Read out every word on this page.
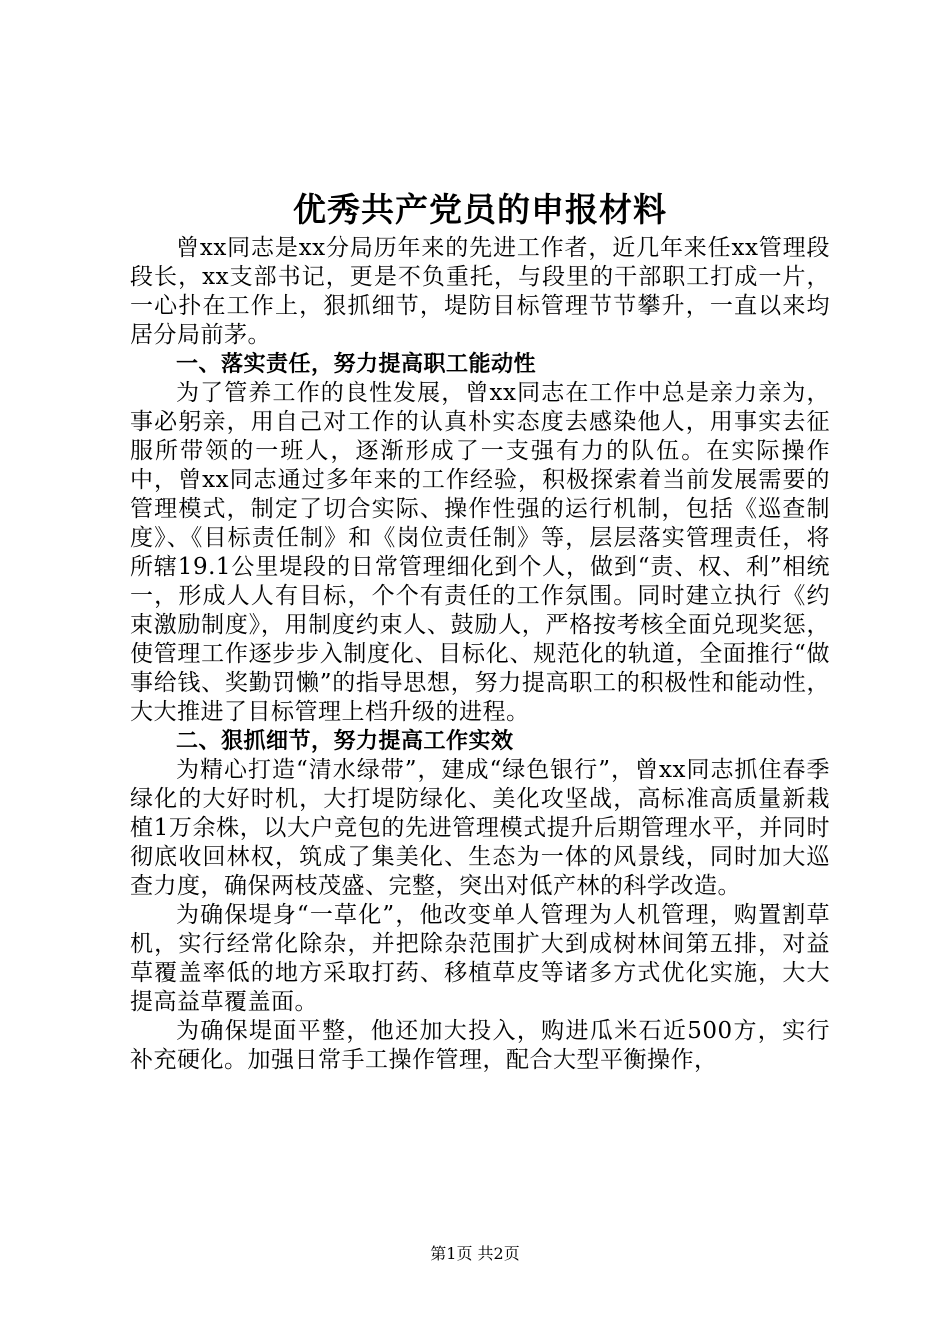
优秀共产党员的申报材料

曾xx同志是xx分局历年来的先进工作者，近几年来任xx管理段段长，xx支部书记，更是不负重托，与段里的干部职工打成一片，一心扑在工作上，狠抓细节，堤防目标管理节节攀升，一直以来均居分局前茅。

一、落实责任，努力提高职工能动性

为了管养工作的良性发展，曾xx同志在工作中总是亲力亲为，事必躬亲，用自己对工作的认真朴实态度去感染他人，用事实去征服所带领的一班人，逐渐形成了一支强有力的队伍。在实际操作中，曾xx同志通过多年来的工作经验，积极探索着当前发展需要的管理模式，制定了切合实际、操作性强的运行机制，包括《巡查制度》、《目标责任制》和《岗位责任制》等，层层落实管理责任，将所辖19.1公里堤段的日常管理细化到个人，做到“责、权、利”相统一，形成人人有目标，个个有责任的工作氛围。同时建立执行《约束激励制度》，用制度约束人、鼓励人，严格按考核全面兑现奖惩，使管理工作逐步步入制度化、目标化、规范化的轨道，全面推行“做事给钱、奖勤罚懒”的指导思想，努力提高职工的积极性和能动性，大大推进了目标管理上档升级的进程。

二、狠抓细节，努力提高工作实效

为精心打造“清水绿带”，建成“绿色银行”，曾xx同志抓住春季绿化的大好时机，大打堤防绿化、美化攻坚战，高标准高质量新栽植1万余株，以大户竞包的先进管理模式提升后期管理水平，并同时彻底收回林权，筑成了集美化、生态为一体的风景线，同时加大巡查力度，确保两枝茂盛、完整，突出对低产林的科学改造。

为确保堤身“一草化”，他改变单人管理为人机管理，购置割草机，实行经常化除杂，并把除杂范围扩大到成树林间第五排，对益草覆盖率低的地方采取打药、移植草皮等诸多方式优化实施，大大提高益草覆盖面。

为确保堤面平整，他还加大投入，购进瓜米石近500方，实行补充硬化。加强日常手工操作管理，配合大型平衡操作，

第1页 共2页
